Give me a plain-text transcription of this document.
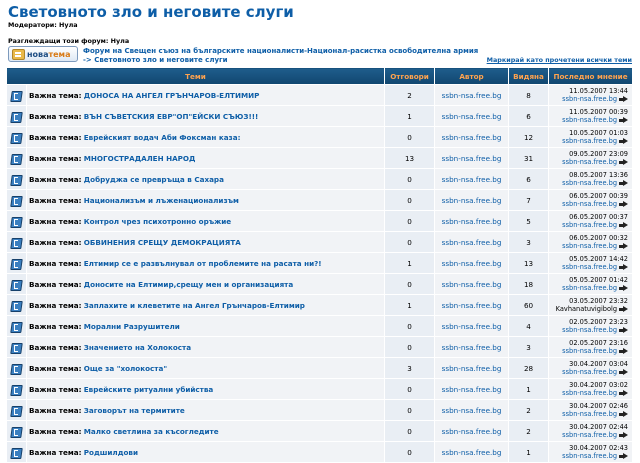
Световното зло и неговите слуги
Модератори: Нула
Разглеждащи този форум: Нула
нова тема Форум на Свещен съюз на българските националисти-Национал-расистка освободителна армия -> Световното зло и неговите слуги	Маркирай като прочетени всички теми
Теми		Отговори	Автор	Видяна	Последно мнение
	Важна тема: ДОНОСА НА АНГЕЛ ГРЪНЧАРОВ-ЕЛТИМИР	2	ssbn-nsa.free.bg	8	11.05.2007 13:44
ssbn-nsa.free.bg
	Важна тема: ВЪН СЪВЕТСКИЯ ЕВР"ОП"ЕЙСКИ СЪЮЗ!!!	1	ssbn-nsa.free.bg	6	11.05.2007 00:39
ssbn-nsa.free.bg
	Важна тема: Еврейският водач Аби Фоксман каза:	0	ssbn-nsa.free.bg	12	10.05.2007 01:03
ssbn-nsa.free.bg
	Важна тема: МНОГОСТРАДАЛЕН НАРОД	13	ssbn-nsa.free.bg	31	09.05.2007 23:09
ssbn-nsa.free.bg
	Важна тема: Добруджа се превръща в Сахара	0	ssbn-nsa.free.bg	6	08.05.2007 13:36
ssbn-nsa.free.bg
	Важна тема: Национализъм и лъженационализъм	0	ssbn-nsa.free.bg	7	06.05.2007 00:39
ssbn-nsa.free.bg
	Важна тема: Контрол чрез психотронно оръжие	0	ssbn-nsa.free.bg	5	06.05.2007 00:37
ssbn-nsa.free.bg
	Важна тема: ОБВИНЕНИЯ СРЕЩУ ДЕМОКРАЦИЯТА	0	ssbn-nsa.free.bg	3	06.05.2007 00:32
ssbn-nsa.free.bg
	Важна тема: Елтимир се е развълнувал от проблемите на расата ни?!	1	ssbn-nsa.free.bg	13	05.05.2007 14:42
ssbn-nsa.free.bg
	Важна тема: Доносите на Елтимир,срещу мен и организацията	0	ssbn-nsa.free.bg	18	05.05.2007 01:42
ssbn-nsa.free.bg
	Важна тема: Заплахите и клеветите на Ангел Грънчаров-Елтимир	1	ssbn-nsa.free.bg	60	03.05.2007 23:32
Kavhanatuvigibolg
	Важна тема: Морални Разрушители	0	ssbn-nsa.free.bg	4	02.05.2007 23:23
ssbn-nsa.free.bg
	Важна тема: Значението на Холокоста	0	ssbn-nsa.free.bg	3	02.05.2007 23:16
ssbn-nsa.free.bg
	Важна тема: Още за "холокоста"	3	ssbn-nsa.free.bg	28	30.04.2007 03:04
ssbn-nsa.free.bg
	Важна тема: Еврейските ритуални убийства	0	ssbn-nsa.free.bg	1	30.04.2007 03:02
ssbn-nsa.free.bg
	Важна тема: Заговорът на термитите	0	ssbn-nsa.free.bg	2	30.04.2007 02:46
ssbn-nsa.free.bg
	Важна тема: Малко светлина за късогледите	0	ssbn-nsa.free.bg	2	30.04.2007 02:44
ssbn-nsa.free.bg
	Важна тема: Родшилдови	0	ssbn-nsa.free.bg	1	30.04.2007 02:43
ssbn-nsa.free.bg
